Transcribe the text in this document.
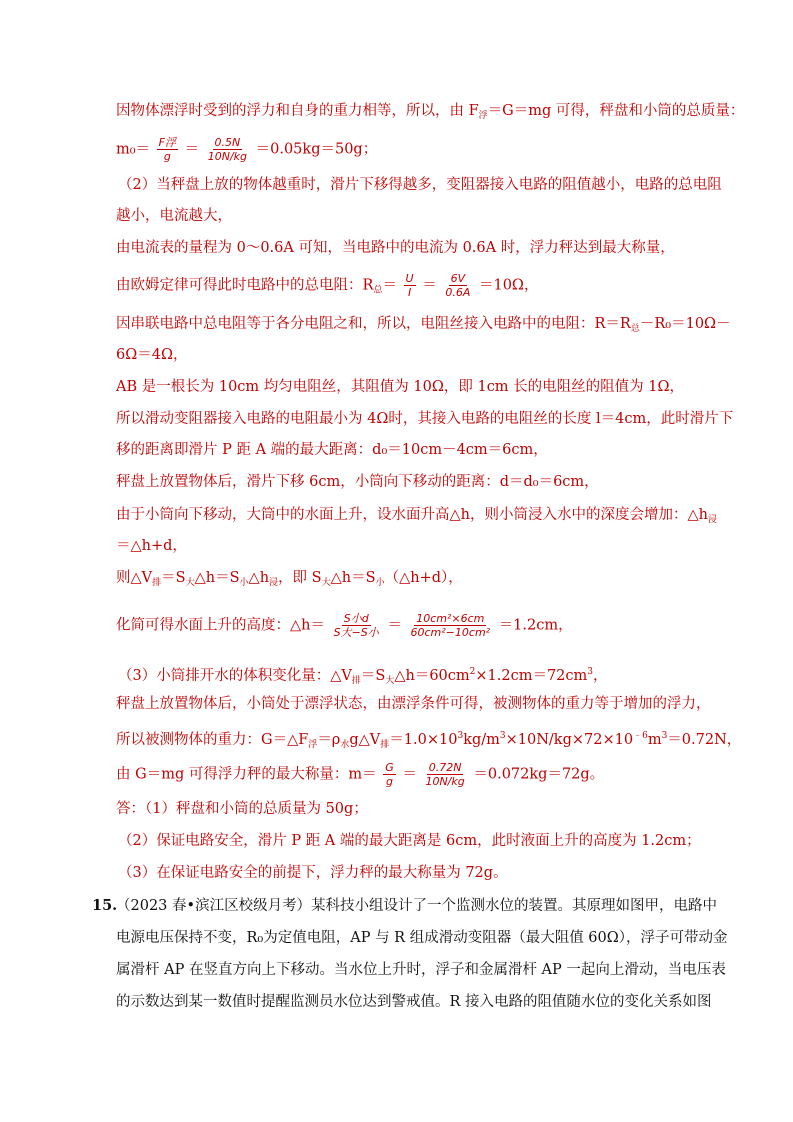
因物体漂浮时受到的浮力和自身的重力相等，所以，由 $F_浮=G=mg$ 可得，秤盘和小筒的总质量：
$m_0= \frac{\text{F浮}}{g} = \frac{0.5N}{10N/kg} =0.05kg=50g$；
（2）当秤盘上放的物体越重时，滑片下移得越多，变阻器接入电路的阻值越小，电路的总电阻
越小，电流越大，
由电流表的量程为 0～0.6A 可知，当电路中的电流为 0.6A 时，浮力秤达到最大称量，
由欧姆定律可得此时电路中的总电阻：$R_总= \frac{U}{I} = \frac{6V}{0.6A} =10\Omega$，
因串联电路中总电阻等于各分电阻之和，所以，电阻丝接入电路中的电阻：$R=R_总-R_0=10\Omega-$
6Ω＝4Ω，
AB 是一根长为 10cm 均匀电阻丝，其阻值为 10Ω，即 1cm 长的电阻丝的阻值为 1Ω，
所以滑动变阻器接入电路的电阻最小为 4Ω时，其接入电路的电阻丝的长度 l＝4cm，此时滑片下
移的距离即滑片 P 距 A 端的最大距离：d₀＝10cm－4cm＝6cm，
秤盘上放置物体后，滑片下移 6cm，小筒向下移动的距离：d＝d₀＝6cm，
由于小筒向下移动，大筒中的水面上升，设水面升高△h，则小筒浸入水中的深度会增加：$\triangle h_浸$
＝△h+d，
则$\triangle V_排=S_大\triangle h=S_小\triangle h_浸$，即 $S_大\triangle h=S_小(\triangle h+d)$，
化简可得水面上升的高度：△h＝ $\frac{\text{S小d}}{\text{S大−S小}} = \frac{\text{10cm²×6cm}}{\text{60cm²−10cm²}} =1.2cm$，
（3）小筒排开水的体积变化量：$\triangle V_排=S_大\triangle h=60cm^2\times 1.2cm=72cm^3$，
秤盘上放置物体后，小筒处于漂浮状态，由漂浮条件可得，被测物体的重力等于增加的浮力，
所以被测物体的重力：$G=\triangle F_浮=\rho_水g\triangle V_排=1.0\times 10^3kg/m^3\times 10N/kg\times 72\times 10^{﹣6}m^3=0.72N$，
由 G＝mg 可得浮力秤的最大称量：$m= \frac{G}{g} = \frac{0.72N}{10N/kg} =0.072kg=72g$。
答：（1）秤盘和小筒的总质量为 50g；
（2）保证电路安全，滑片 P 距 A 端的最大距离是 6cm，此时液面上升的高度为 1.2cm；
（3）在保证电路安全的前提下，浮力秤的最大称量为 72g。
15.
（2023 春•滨江区校级月考）某科技小组设计了一个监测水位的装置。其原理如图甲，电路中
电源电压保持不变，R₀为定值电阻，AP 与 R 组成滑动变阻器（最大阻值 60Ω），浮子可带动金
属滑杆 AP 在竖直方向上下移动。当水位上升时，浮子和金属滑杆 AP 一起向上滑动，当电压表
的示数达到某一数值时提醒监测员水位达到警戒值。R 接入电路的阻值随水位的变化关系如图
